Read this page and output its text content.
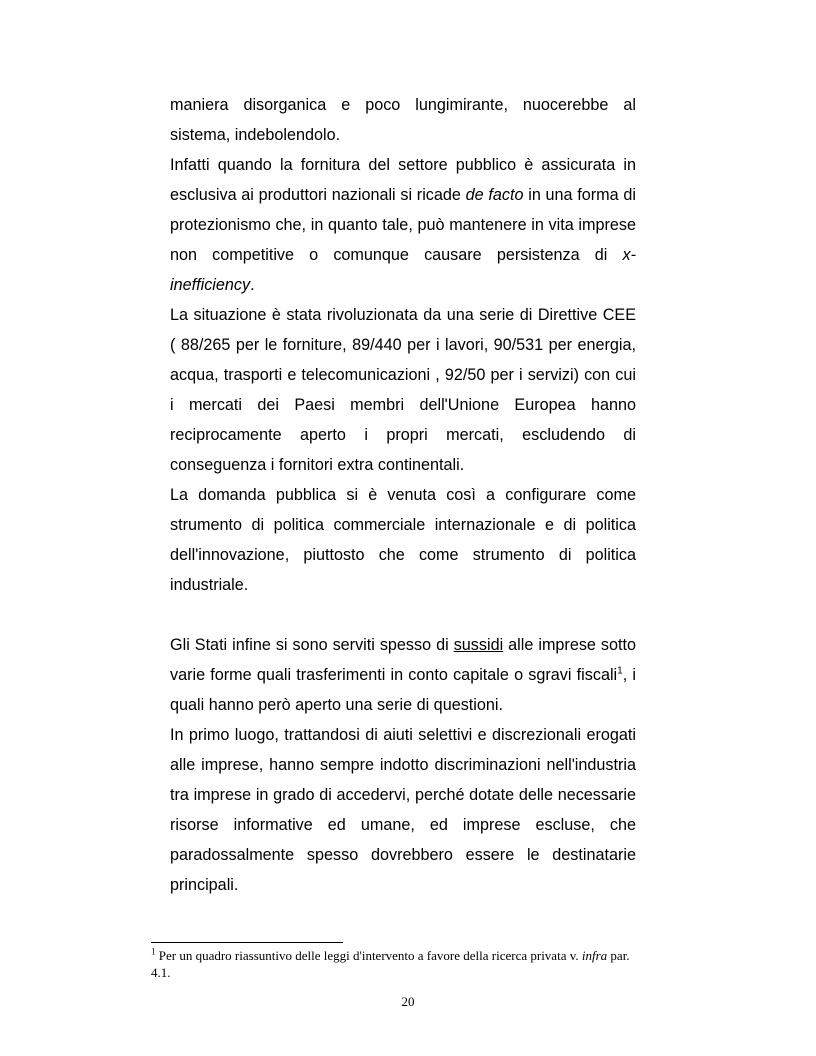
maniera disorganica e poco lungimirante, nuocerebbe al sistema, indebolendolo.

Infatti quando la fornitura del settore pubblico è assicurata in esclusiva ai produttori nazionali si ricade de facto in una forma di protezionismo che, in quanto tale, può mantenere in vita imprese non competitive o comunque causare persistenza di x-inefficiency.

La situazione è stata rivoluzionata da una serie di Direttive CEE ( 88/265 per le forniture, 89/440 per i lavori, 90/531 per energia, acqua, trasporti e telecomunicazioni , 92/50 per i servizi) con cui i mercati dei Paesi membri dell'Unione Europea hanno reciprocamente aperto i propri mercati, escludendo di conseguenza i fornitori extra continentali.

La domanda pubblica si è venuta così a configurare come strumento di politica commerciale internazionale e di politica dell'innovazione, piuttosto che come strumento di politica industriale.

Gli Stati infine si sono serviti spesso di sussidi alle imprese sotto varie forme quali trasferimenti in conto capitale o sgravi fiscali$^1$, i quali hanno però aperto una serie di questioni.

In primo luogo, trattandosi di aiuti selettivi e discrezionali erogati alle imprese, hanno sempre indotto discriminazioni nell'industria tra imprese in grado di accedervi, perché dotate delle necessarie risorse informative ed umane, ed imprese escluse, che paradossalmente spesso dovrebbero essere le destinatarie principali.

$^1$ Per un quadro riassuntivo delle leggi d'intervento a favore della ricerca privata v. infra par. 4.1.
20
